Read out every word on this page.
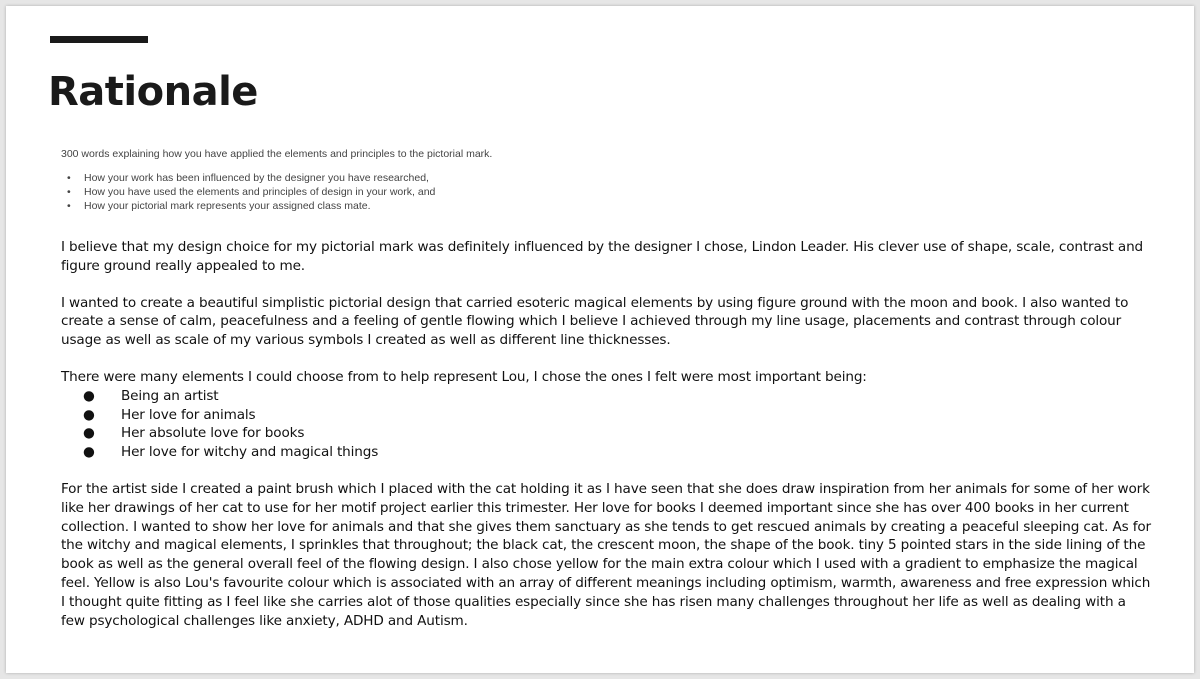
Rationale

300 words explaining how you have applied the elements and principles to the pictorial mark.

• How your work has been influenced by the designer you have researched,
• How you have used the elements and principles of design in your work, and
• How your pictorial mark represents your assigned class mate.

I believe that my design choice for my pictorial mark was definitely influenced by the designer I chose, Lindon Leader. His clever use of shape, scale, contrast and figure ground really appealed to me.

I wanted to create a beautiful simplistic pictorial design that carried esoteric magical elements by using figure ground with the moon and book. I also wanted to create a sense of calm, peacefulness and a feeling of gentle flowing which I believe I achieved through my line usage, placements and contrast through colour usage as well as scale of my various symbols I created as well as different line thicknesses.

There were many elements I could choose from to help represent Lou, I chose the ones I felt were most important being:

● Being an artist
● Her love for animals
● Her absolute love for books
● Her love for witchy and magical things

For the artist side I created a paint brush which I placed with the cat holding it as I have seen that she does draw inspiration from her animals for some of her work like her drawings of her cat to use for her motif project earlier this trimester. Her love for books I deemed important since she has over 400 books in her current collection. I wanted to show her love for animals and that she gives them sanctuary as she tends to get rescued animals by creating a peaceful sleeping cat. As for the witchy and magical elements, I sprinkles that throughout; the black cat, the crescent moon, the shape of the book. tiny 5 pointed stars in the side lining of the book as well as the general overall feel of the flowing design. I also chose yellow for the main extra colour which I used with a gradient to emphasize the magical feel. Yellow is also Lou's favourite colour which is associated with an array of different meanings including optimism, warmth, awareness and free expression which I thought quite fitting as I feel like she carries alot of those qualities especially since she has risen many challenges throughout her life as well as dealing with a few psychological challenges like anxiety, ADHD and Autism.
